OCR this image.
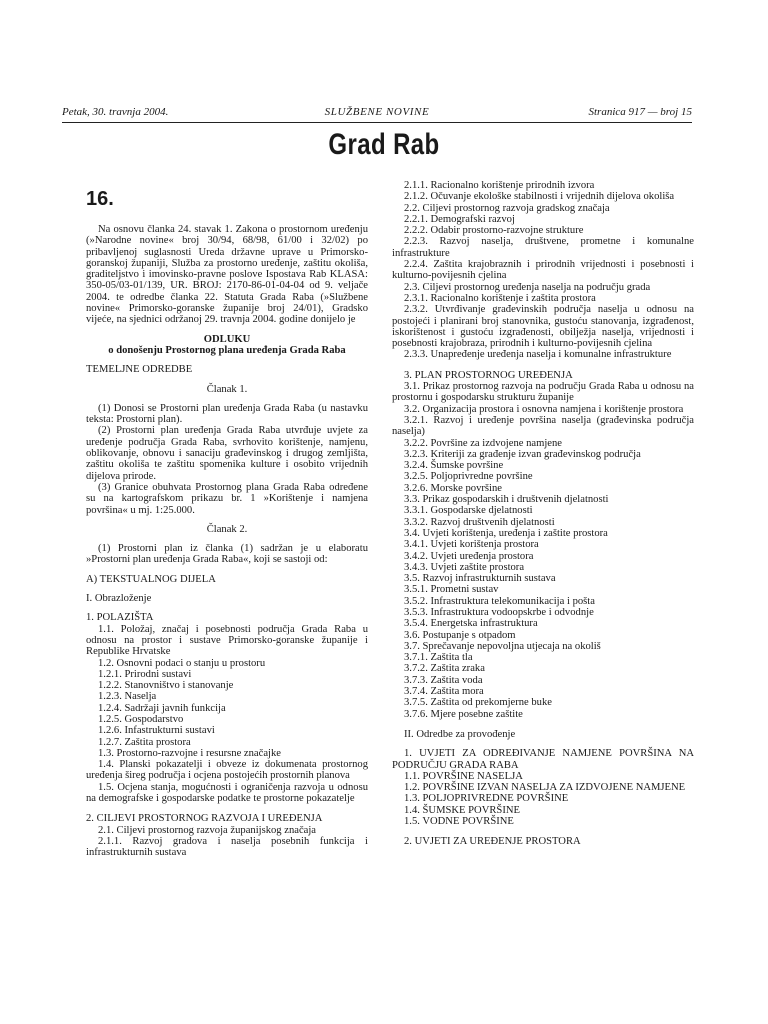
Petak, 30. travnja 2004.	SLUŽBENE NOVINE	Stranica 917 — broj 15
Grad Rab
16.

Na osnovu članka 24. stavak 1. Zakona o prostornom uređenju (»Narodne novine« broj 30/94, 68/98, 61/00 i 32/02) po pribavljenoj suglasnosti Ureda državne uprave u Primorsko-goranskoj županiji, Služba za prostorno uređenje, zaštitu okoliša, graditeljstvo i imovinsko-pravne poslove Ispostava Rab KLASA: 350-05/03-01/139, UR. BROJ: 2170-86-01-04-04 od 9. veljače 2004. te odredbe članka 22. Statuta Grada Raba (»Službene novine« Primorsko-goranske županije broj 24/01), Gradsko vijeće, na sjednici održanoj 29. travnja 2004. godine donijelo je

ODLUKU

o donošenju Prostornog plana uređenja Grada Raba

TEMELJNE ODREDBE

Članak 1.

(1) Donosi se Prostorni plan uređenja Grada Raba (u nastavku teksta: Prostorni plan).

(2) Prostorni plan uređenja Grada Raba utvrđuje uvjete za uređenje područja Grada Raba, svrhovito korištenje, namjenu, oblikovanje, obnovu i sanaciju građevinskog i drugog zemljišta, zaštitu okoliša te zaštitu spomenika kulture i osobito vrijednih dijelova prirode.

(3) Granice obuhvata Prostornog plana Grada Raba određene su na kartografskom prikazu br. 1 »Korištenje i namjena površina« u mj. 1:25.000.

Članak 2.

(1) Prostorni plan iz članka (1) sadržan je u elaboratu »Prostorni plan uređenja Grada Raba«, koji se sastoji od:

A) TEKSTUALNOG DIJELA

I. Obrazloženje

1. POLAZIŠTA

1.1. Položaj, značaj i posebnosti područja Grada Raba u odnosu na prostor i sustave Primorsko-goranske županije i Republike Hrvatske

1.2. Osnovni podaci o stanju u prostoru

1.2.1. Prirodni sustavi

1.2.2. Stanovništvo i stanovanje

1.2.3. Naselja

1.2.4. Sadržaji javnih funkcija

1.2.5. Gospodarstvo

1.2.6. Infastrukturni sustavi

1.2.7. Zaštita prostora

1.3. Prostorno-razvojne i resursne značajke

1.4. Planski pokazatelji i obveze iz dokumenata prostornog uređenja šireg područja i ocjena postojećih prostornih planova

1.5. Ocjena stanja, mogućnosti i ograničenja razvoja u odnosu na demografske i gospodarske podatke te prostorne pokazatelje

2. CILJEVI PROSTORNOG RAZVOJA I UREĐENJA

2.1. Ciljevi prostornog razvoja županijskog značaja

2.1.1. Razvoj gradova i naselja posebnih funkcija i infrastrukturnih sustava

2.1.1. Racionalno korištenje prirodnih izvora

2.1.2. Očuvanje ekološke stabilnosti i vrijednih dijelova okoliša

2.2. Ciljevi prostornog razvoja gradskog značaja

2.2.1. Demografski razvoj

2.2.2. Odabir prostorno-razvojne strukture

2.2.3. Razvoj naselja, društvene, prometne i komunalne infrastrukture

2.2.4. Zaštita krajobraznih i prirodnih vrijednosti i posebnosti i kulturno-povijesnih cjelina

2.3. Ciljevi prostornog uređenja naselja na području grada

2.3.1. Racionalno korištenje i zaštita prostora

2.3.2. Utvrđivanje građevinskih područja naselja u odnosu na postojeći i planirani broj stanovnika, gustoću stanovanja, izgrađenost, iskorištenost i gustoću izgrađenosti, obilježja naselja, vrijednosti i posebnosti krajobraza, prirodnih i kulturno-povijesnih cjelina

2.3.3. Unapređenje uređenja naselja i komunalne infrastrukture

3. PLAN PROSTORNOG UREĐENJA

3.1. Prikaz prostornog razvoja na području Grada Raba u odnosu na prostornu i gospodarsku strukturu županije

3.2. Organizacija prostora i osnovna namjena i korištenje prostora

3.2.1. Razvoj i uređenje površina naselja (građevinska područja naselja)

3.2.2. Površine za izdvojene namjene

3.2.3. Kriteriji za građenje izvan građevinskog područja

3.2.4. Šumske površine

3.2.5. Poljoprivredne površine

3.2.6. Morske površine

3.3. Prikaz gospodarskih i društvenih djelatnosti

3.3.1. Gospodarske djelatnosti

3.3.2. Razvoj društvenih djelatnosti

3.4. Uvjeti korištenja, uređenja i zaštite prostora

3.4.1. Uvjeti korištenja prostora

3.4.2. Uvjeti uređenja prostora

3.4.3. Uvjeti zaštite prostora

3.5. Razvoj infrastrukturnih sustava

3.5.1. Prometni sustav

3.5.2. Infrastruktura telekomunikacija i pošta

3.5.3. Infrastruktura vodoopskrbe i odvodnje

3.5.4. Energetska infrastruktura

3.6. Postupanje s otpadom

3.7. Sprečavanje nepovoljna utjecaja na okoliš

3.7.1. Zaštita tla

3.7.2. Zaštita zraka

3.7.3. Zaštita voda

3.7.4. Zaštita mora

3.7.5. Zaštita od prekomjerne buke

3.7.6. Mjere posebne zaštite

II. Odredbe za provođenje

1. UVJETI ZA ODREĐIVANJE NAMJENE POVRŠINA NA PODRUČJU GRADA RABA

1.1. POVRŠINE NASELJA

1.2. POVRŠINE IZVAN NASELJA ZA IZDVOJENE NAMJENE

1.3. POLJOPRIVREDNE POVRŠINE

1.4. ŠUMSKE POVRŠINE

1.5. VODNE POVRŠINE

2. UVJETI ZA UREĐENJE PROSTORA
